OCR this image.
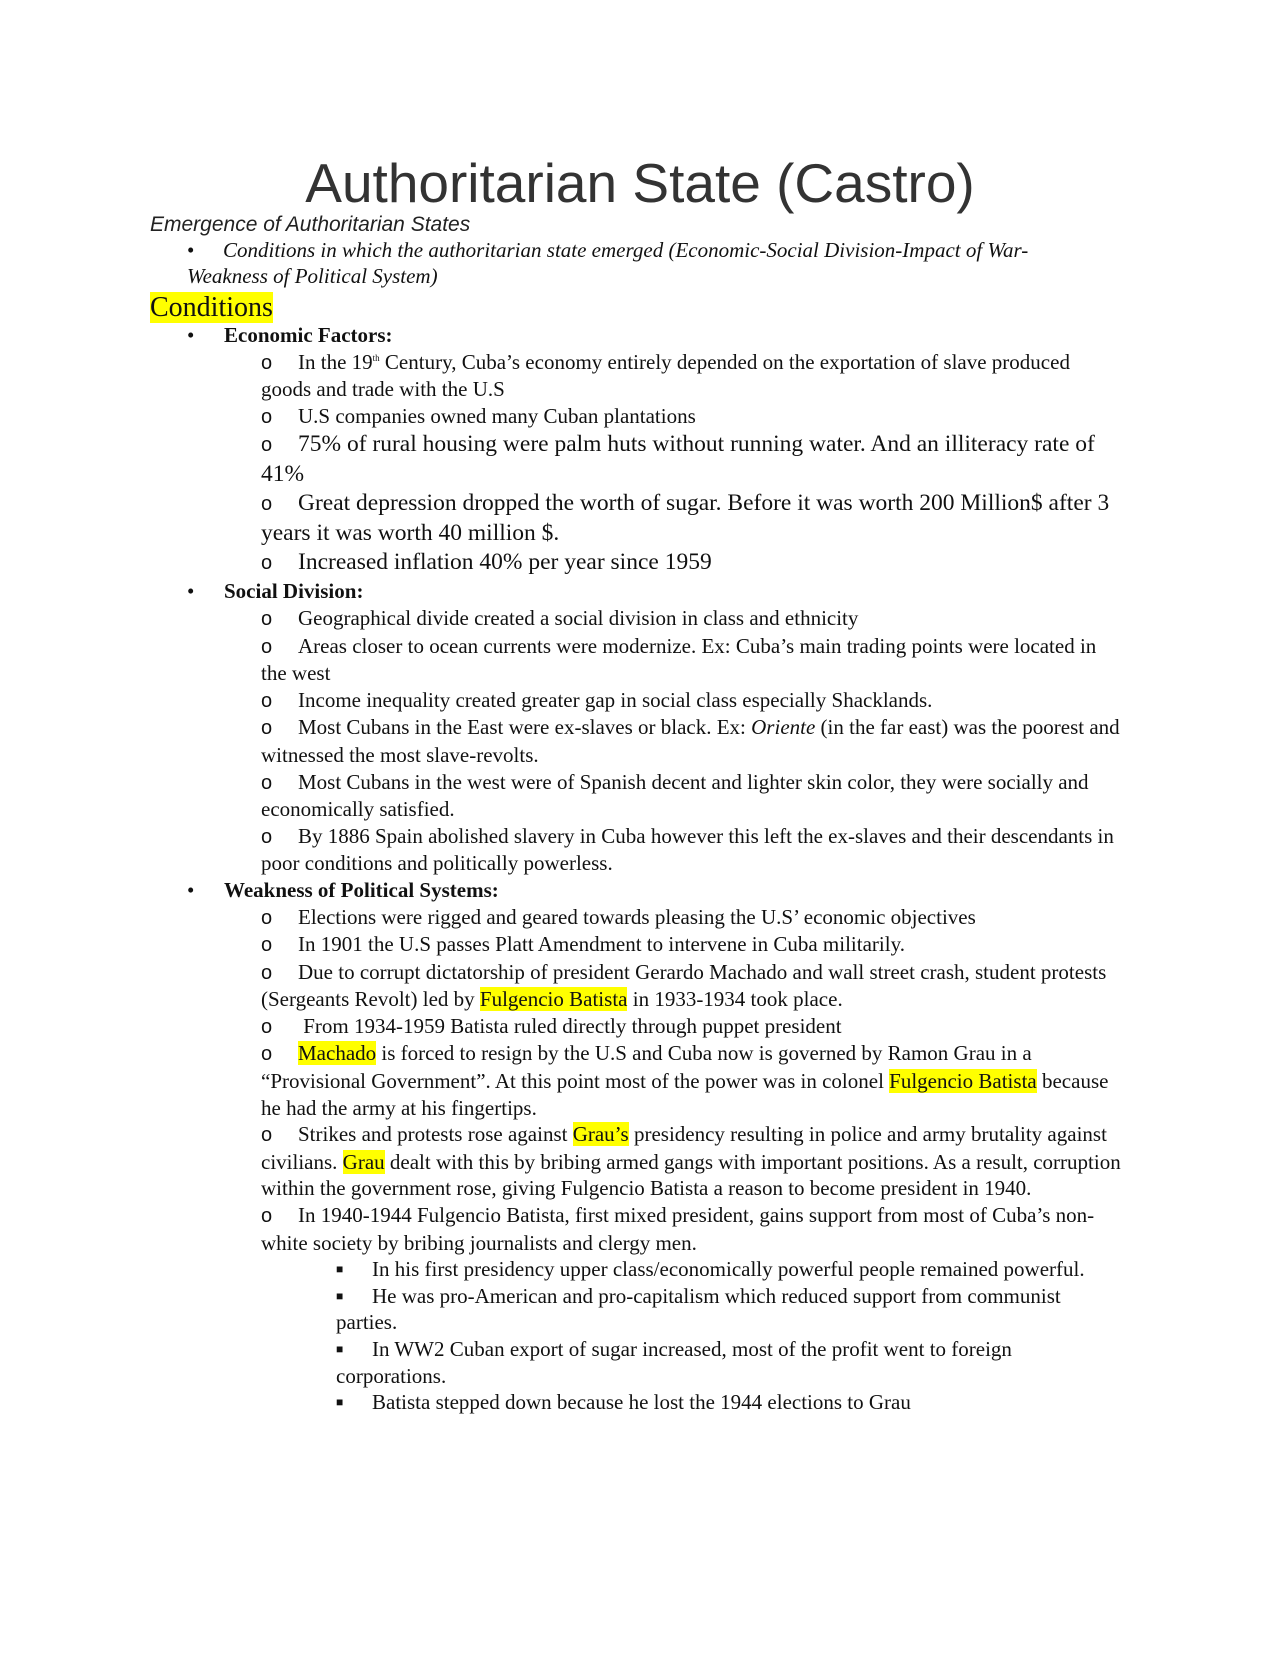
Authoritarian State (Castro)
Emergence of Authoritarian States
• Conditions in which the authoritarian state emerged (Economic-Social Division-Impact of War-Weakness of Political System)
Conditions
• Economic Factors:
o In the 19th Century, Cuba’s economy entirely depended on the exportation of slave produced goods and trade with the U.S
o U.S companies owned many Cuban plantations
o 75% of rural housing were palm huts without running water. And an illiteracy rate of 41%
o Great depression dropped the worth of sugar. Before it was worth 200 Million$ after 3 years it was worth 40 million $.
o Increased inflation 40% per year since 1959
• Social Division:
o Geographical divide created a social division in class and ethnicity
o Areas closer to ocean currents were modernize. Ex: Cuba’s main trading points were located in the west
o Income inequality created greater gap in social class especially Shacklands.
o Most Cubans in the East were ex-slaves or black. Ex: Oriente (in the far east) was the poorest and witnessed the most slave-revolts.
o Most Cubans in the west were of Spanish decent and lighter skin color, they were socially and economically satisfied.
o By 1886 Spain abolished slavery in Cuba however this left the ex-slaves and their descendants in poor conditions and politically powerless.
• Weakness of Political Systems:
o Elections were rigged and geared towards pleasing the U.S’ economic objectives
o In 1901 the U.S passes Platt Amendment to intervene in Cuba militarily.
o Due to corrupt dictatorship of president Gerardo Machado and wall street crash, student protests (Sergeants Revolt) led by Fulgencio Batista in 1933-1934 took place.
o From 1934-1959 Batista ruled directly through puppet president
o Machado is forced to resign by the U.S and Cuba now is governed by Ramon Grau in a “Provisional Government”. At this point most of the power was in colonel Fulgencio Batista because he had the army at his fingertips.
o Strikes and protests rose against Grau’s presidency resulting in police and army brutality against civilians. Grau dealt with this by bribing armed gangs with important positions. As a result, corruption within the government rose, giving Fulgencio Batista a reason to become president in 1940.
o In 1940-1944 Fulgencio Batista, first mixed president, gains support from most of Cuba’s non-white society by bribing journalists and clergy men.
■ In his first presidency upper class/economically powerful people remained powerful.
■ He was pro-American and pro-capitalism which reduced support from communist parties.
■ In WW2 Cuban export of sugar increased, most of the profit went to foreign corporations.
■ Batista stepped down because he lost the 1944 elections to Grau
